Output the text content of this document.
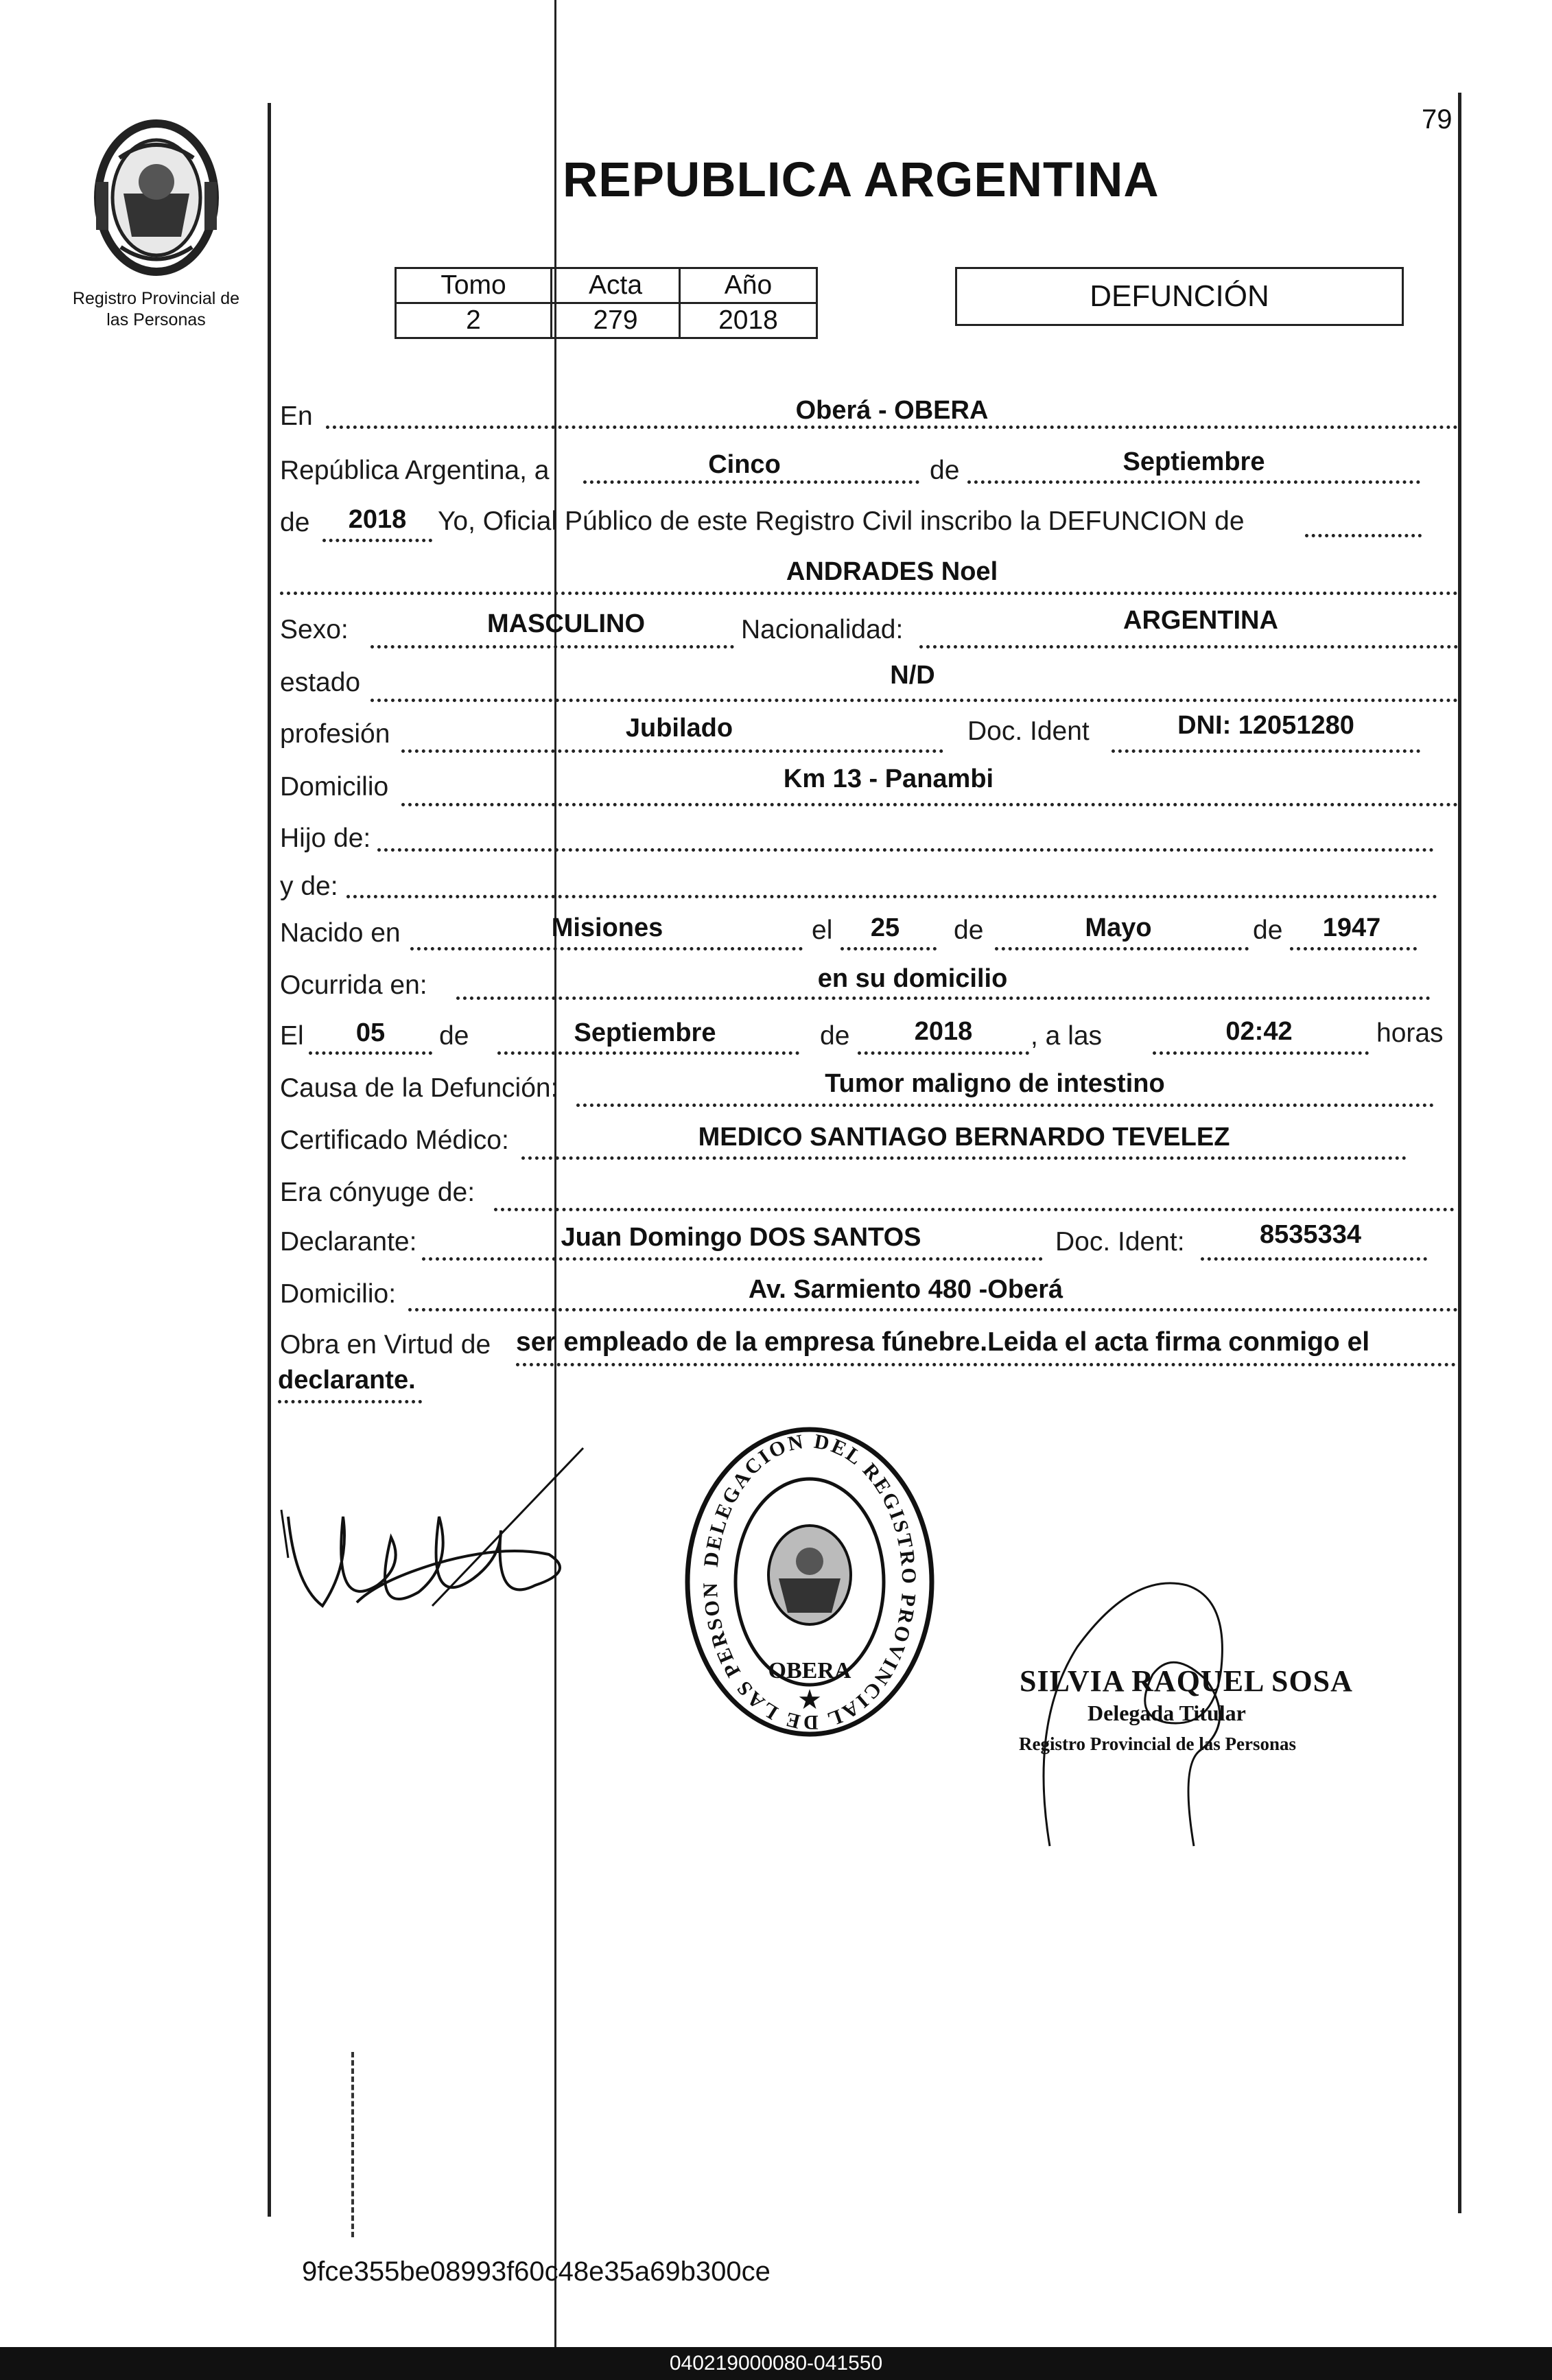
79
Registro Provincial de
las Personas
REPUBLICA ARGENTINA
Tomo	Acta	Año
2	279	2018
DEFUNCIÓN
En	Oberá - OBERA
República Argentina, a	Cinco	de	Septiembre
de	2018	Yo, Oficial Público de este Registro Civil inscribo la DEFUNCION de
ANDRADES Noel
Sexo:	MASCULINO	Nacionalidad:	ARGENTINA
estado	N/D
profesión	Jubilado	Doc. Ident	DNI: 12051280
Domicilio	Km 13 - Panambi
Hijo de:
y de:
Nacido en	Misiones	el	25	de	Mayo	de	1947
Ocurrida en:	en su domicilio
El	05	de	Septiembre	de	2018	, a las	02:42	horas
Causa de la Defunción:	Tumor maligno de intestino
Certificado Médico:	MEDICO SANTIAGO BERNARDO TEVELEZ
Era cónyuge de:
Declarante:	Juan Domingo DOS SANTOS	Doc. Ident:	8535334
Domicilio:	Av. Sarmiento 480 -Oberá
Obra en Virtud de ser empleado de la empresa fúnebre.Leida el acta firma conmigo el
declarante.
DELEGACION DEL REGISTRO PROVINCIAL DE LAS PERSON
OBERA
★
SILVIA RAQUEL SOSA
Delegada Titular
Registro Provincial de las Personas
9fce355be08993f60c48e35a69b300ce
040219000080-041550
